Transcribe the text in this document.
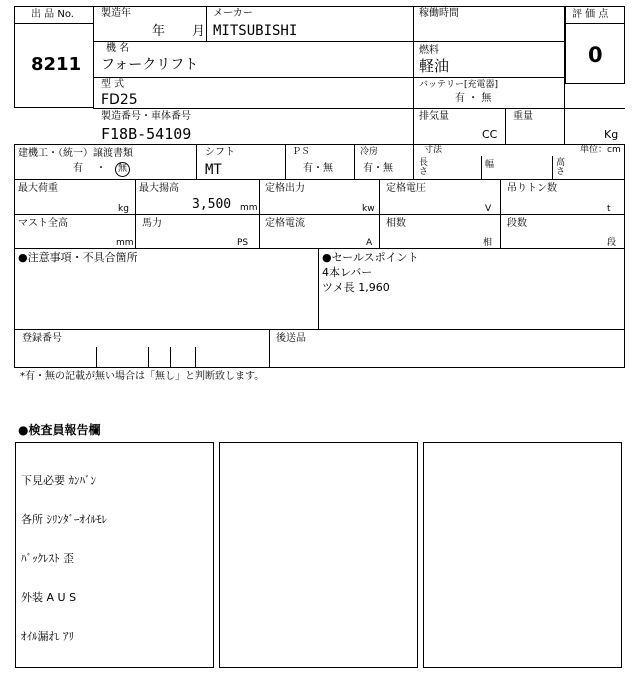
出 品 No.
8211
製造年
年 月
メーカー
MITSUBISHI
稼働時間	評 価 点
0
機 名
フォークリフト
燃料
軽油
型 式
FD25
バッテリー[充電器]
有 ・ 無
製造番号・車体番号
F18B-54109
排気量
CC
重量
Kg
建機工・（統一）譲渡書類
有 ・	無
シフト
MT
ＰＳ
有・無
冷房
有・無
寸法	単位：cm
長さ
幅	高さ
最大荷重
kg
最大揚高
3,500 mm
定格出力
kw
定格電圧
V
吊りトン数
t
マスト全高
mm
馬力
PS
定格電流
A
相数
相
段数
段
●注意事項・不具合箇所	●セールスポイント
4本レバー
ツメ長 1,960
登録番号	後送品
*有・無の記載が無い場合は「無し」と判断致します。
●検査員報告欄

下見必要 ｶﾝﾊﾞﾝ

各所 ｼﾘﾝﾀﾞｰｵｲﾙﾓﾚ

ﾊﾞｯｸﾚｽﾄ 歪

外装 A U S

ｵｲﾙ漏れ ｱﾘ
